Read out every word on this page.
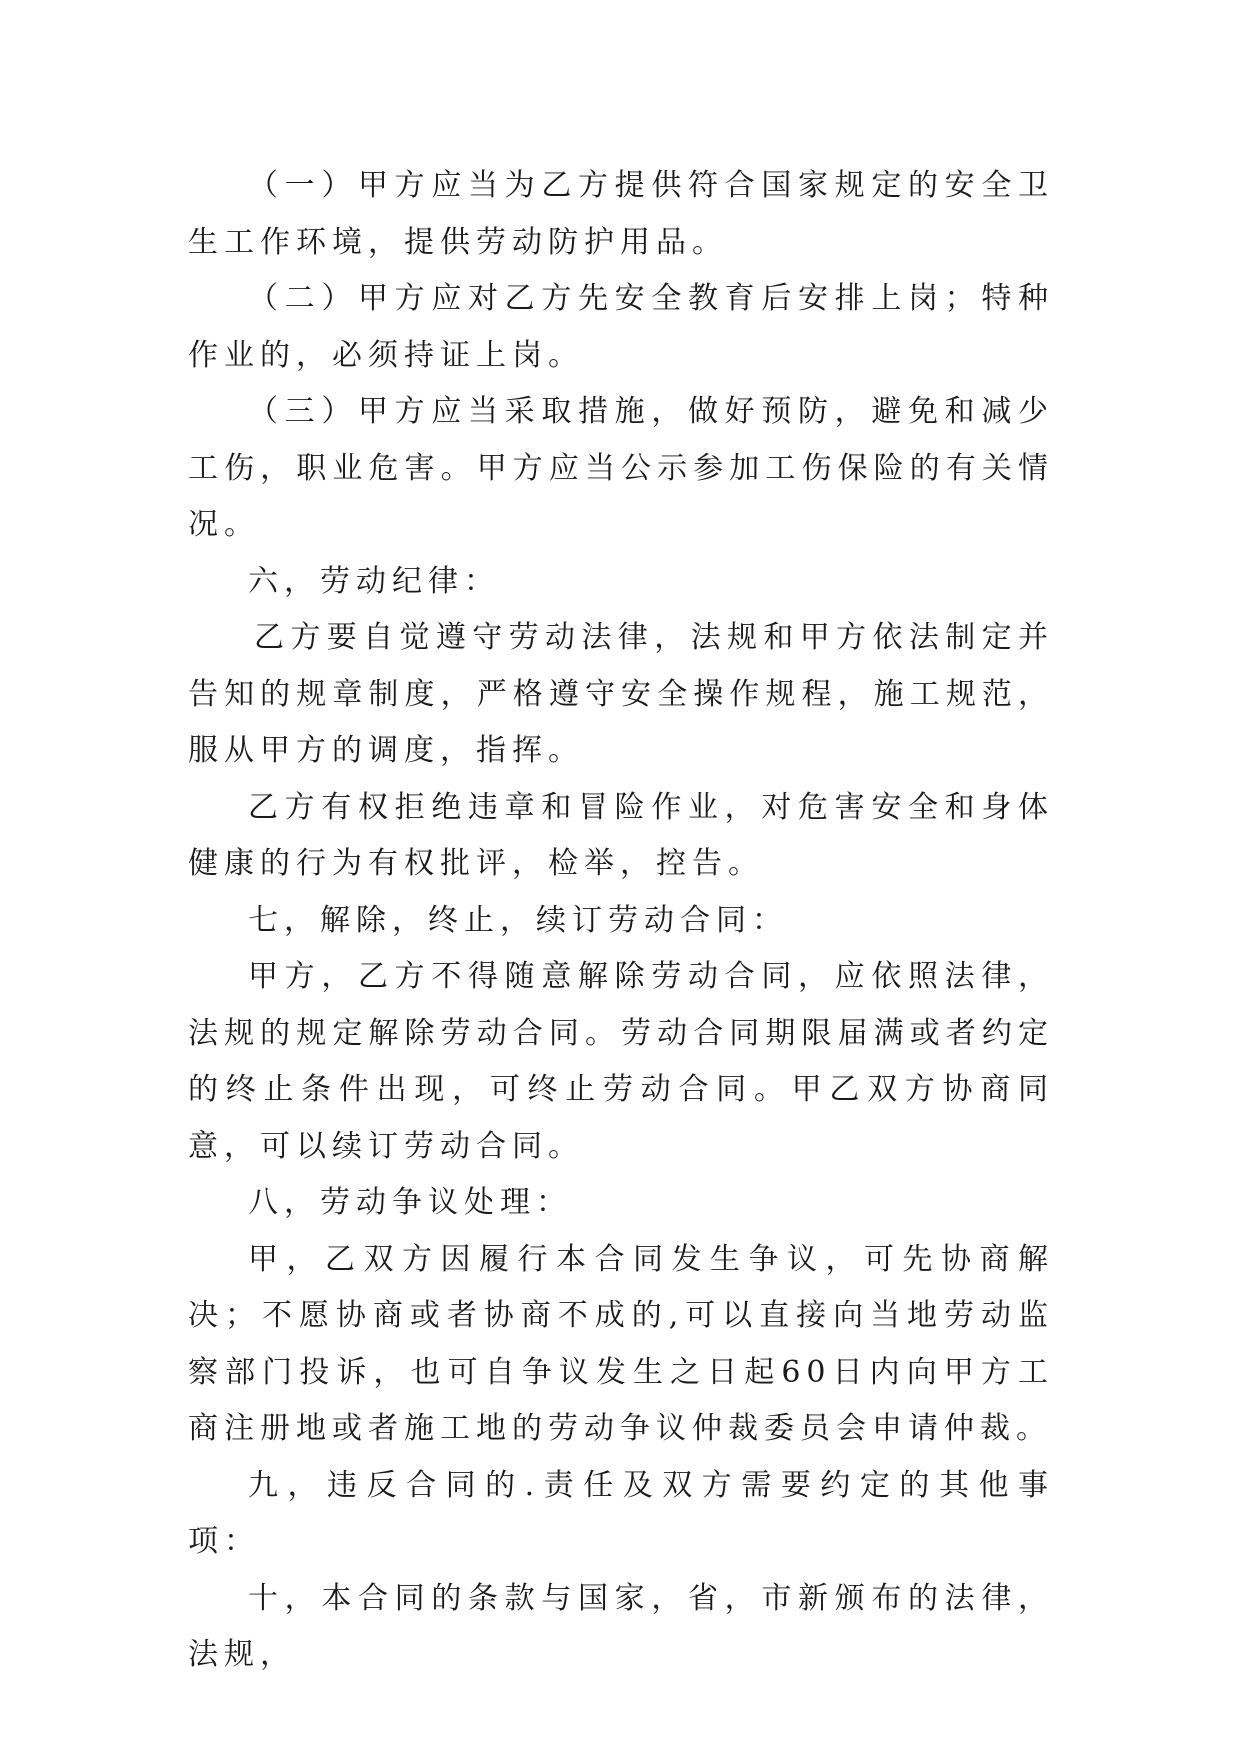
（一）甲方应当为乙方提供符合国家规定的安全卫生工作环境，提供劳动防护用品。

（二）甲方应对乙方先安全教育后安排上岗；特种作业的，必须持证上岗。

（三）甲方应当采取措施，做好预防，避免和减少工伤，职业危害。甲方应当公示参加工伤保险的有关情况。

六，劳动纪律：

乙方要自觉遵守劳动法律，法规和甲方依法制定并告知的规章制度，严格遵守安全操作规程，施工规范，服从甲方的调度，指挥。

乙方有权拒绝违章和冒险作业，对危害安全和身体健康的行为有权批评，检举，控告。

七，解除，终止，续订劳动合同：

甲方，乙方不得随意解除劳动合同，应依照法律，法规的规定解除劳动合同。劳动合同期限届满或者约定的终止条件出现，可终止劳动合同。甲乙双方协商同意，可以续订劳动合同。

八，劳动争议处理：

甲，乙双方因履行本合同发生争议，可先协商解决；不愿协商或者协商不成的,可以直接向当地劳动监察部门投诉，也可自争议发生之日起60日内向甲方工商注册地或者施工地的劳动争议仲裁委员会申请仲裁。

九，违反合同的.责任及双方需要约定的其他事项：

十，本合同的条款与国家，省，市新颁布的法律，法规，
